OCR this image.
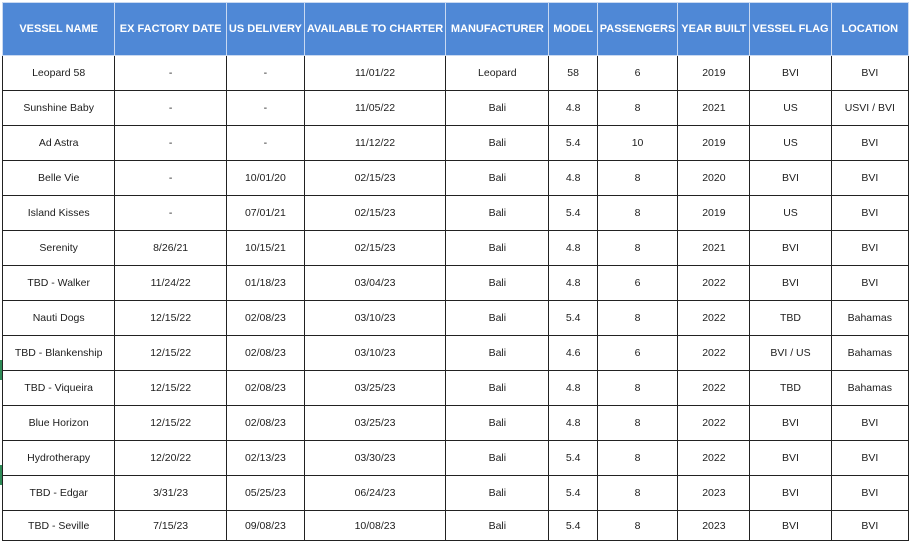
VESSEL NAME	EX FACTORY DATE	US DELIVERY	AVAILABLE TO CHARTER	MANUFACTURER	MODEL	PASSENGERS	YEAR BUILT	VESSEL FLAG	LOCATION
Leopard 58	-	-	11/01/22	Leopard	58	6	2019	BVI	BVI
Sunshine Baby	-	-	11/05/22	Bali	4.8	8	2021	US	USVI / BVI
Ad Astra	-	-	11/12/22	Bali	5.4	10	2019	US	BVI
Belle Vie	-	10/01/20	02/15/23	Bali	4.8	8	2020	BVI	BVI
Island Kisses	-	07/01/21	02/15/23	Bali	5.4	8	2019	US	BVI
Serenity	8/26/21	10/15/21	02/15/23	Bali	4.8	8	2021	BVI	BVI
TBD - Walker	11/24/22	01/18/23	03/04/23	Bali	4.8	6	2022	BVI	BVI
Nauti Dogs	12/15/22	02/08/23	03/10/23	Bali	5.4	8	2022	TBD	Bahamas
TBD - Blankenship	12/15/22	02/08/23	03/10/23	Bali	4.6	6	2022	BVI / US	Bahamas
TBD - Viqueira	12/15/22	02/08/23	03/25/23	Bali	4.8	8	2022	TBD	Bahamas
Blue Horizon	12/15/22	02/08/23	03/25/23	Bali	4.8	8	2022	BVI	BVI
Hydrotherapy	12/20/22	02/13/23	03/30/23	Bali	5.4	8	2022	BVI	BVI
TBD - Edgar	3/31/23	05/25/23	06/24/23	Bali	5.4	8	2023	BVI	BVI
TBD - Seville	7/15/23	09/08/23	10/08/23	Bali	5.4	8	2023	BVI	BVI
